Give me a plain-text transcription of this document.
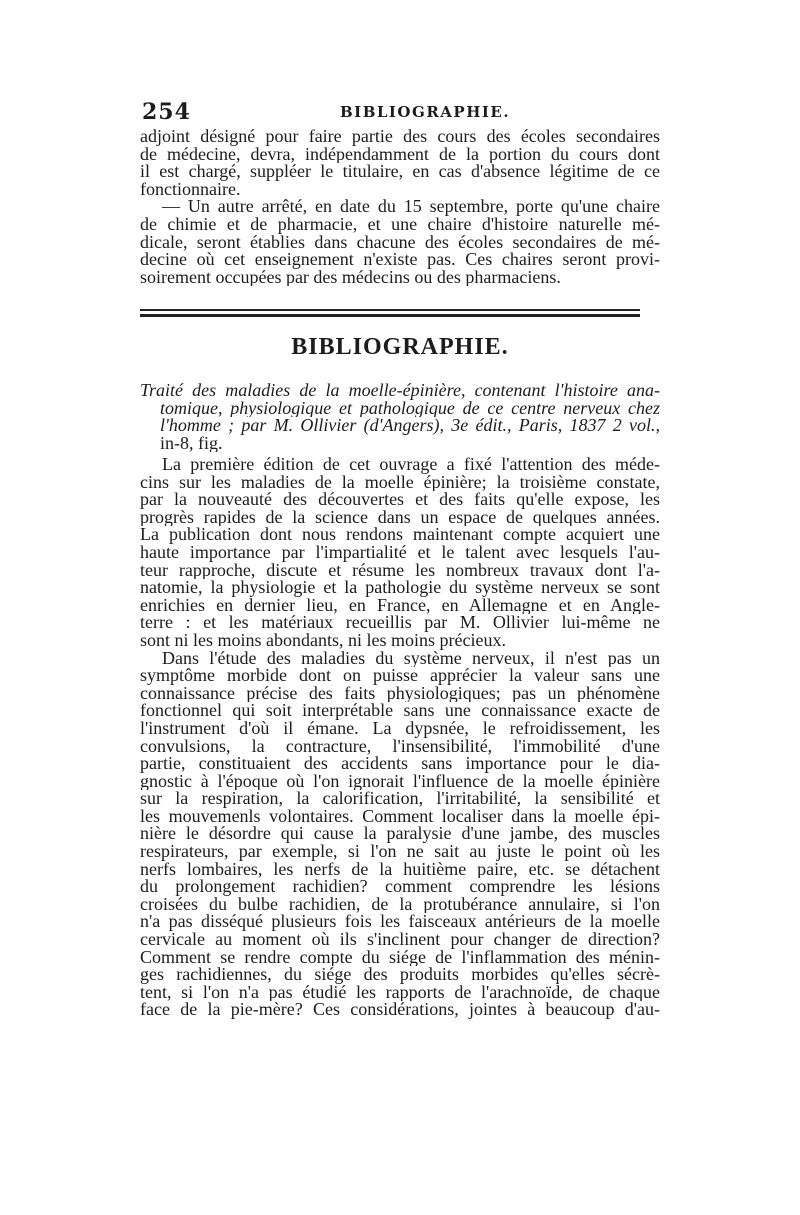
254	BIBLIOGRAPHIE.
adjoint désigné pour faire partie des cours des écoles secondaires
de médecine, devra, indépendamment de la portion du cours dont
il est chargé, suppléer le titulaire, en cas d'absence légitime de ce
fonctionnaire.
— Un autre arrêté, en date du 15 septembre, porte qu'une chaire
de chimie et de pharmacie, et une chaire d'histoire naturelle mé-
dicale, seront établies dans chacune des écoles secondaires de mé-
decine où cet enseignement n'existe pas. Ces chaires seront provi-
soirement occupées par des médecins ou des pharmaciens.
BIBLIOGRAPHIE.
Traité des maladies de la moelle-épinière, contenant l'histoire ana-
tomique, physiologique et pathologique de ce centre nerveux chez
l'homme ; par M. Ollivier (d'Angers), 3e édit., Paris, 1837 2 vol.,
in-8, fig.
La première édition de cet ouvrage a fixé l'attention des méde-
cins sur les maladies de la moelle épinière; la troisième constate,
par la nouveauté des découvertes et des faits qu'elle expose, les
progrès rapides de la science dans un espace de quelques années.
La publication dont nous rendons maintenant compte acquiert une
haute importance par l'impartialité et le talent avec lesquels l'au-
teur rapproche, discute et résume les nombreux travaux dont l'a-
natomie, la physiologie et la pathologie du système nerveux se sont
enrichies en dernier lieu, en France, en Allemagne et en Angle-
terre : et les matériaux recueillis par M. Ollivier lui-même ne
sont ni les moins abondants, ni les moins précieux.
Dans l'étude des maladies du système nerveux, il n'est pas un
symptôme morbide dont on puisse apprécier la valeur sans une
connaissance précise des faits physiologiques; pas un phénomène
fonctionnel qui soit interprétable sans une connaissance exacte de
l'instrument d'où il émane. La dypsnée, le refroidissement, les
convulsions, la contracture, l'insensibilité, l'immobilité d'une
partie, constituaient des accidents sans importance pour le dia-
gnostic à l'époque où l'on ignorait l'influence de la moelle épinière
sur la respiration, la calorification, l'irritabilité, la sensibilité et
les mouvemenls volontaires. Comment localiser dans la moelle épi-
nière le désordre qui cause la paralysie d'une jambe, des muscles
respirateurs, par exemple, si l'on ne sait au juste le point où les
nerfs lombaires, les nerfs de la huitième paire, etc. se détachent
du prolongement rachidien? comment comprendre les lésions
croisées du bulbe rachidien, de la protubérance annulaire, si l'on
n'a pas disséqué plusieurs fois les faisceaux antérieurs de la moelle
cervicale au moment où ils s'inclinent pour changer de direction?
Comment se rendre compte du siége de l'inflammation des ménin-
ges rachidiennes, du siége des produits morbides qu'elles sécrè-
tent, si l'on n'a pas étudié les rapports de l'arachnoïde, de chaque
face de la pie-mère? Ces considérations, jointes à beaucoup d'au-
